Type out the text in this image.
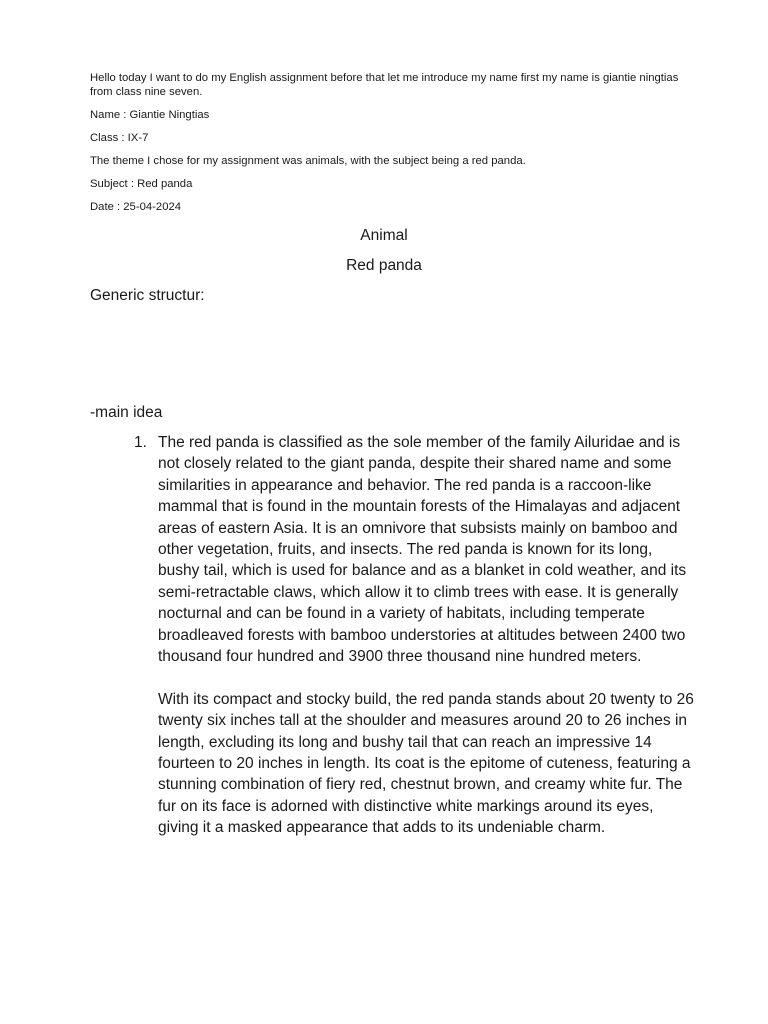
Hello today I want to do my English assignment before that let me introduce my name first my name is giantie ningtias from class nine seven.

Name : Giantie Ningtias

Class : IX-7

The theme I chose for my assignment was animals, with the subject being a red panda.

Subject : Red panda

Date : 25-04-2024

Animal
Red panda
Generic structur:
-main idea
1. The red panda is classified as the sole member of the family Ailuridae and is not closely related to the giant panda, despite their shared name and some similarities in appearance and behavior. The red panda is a raccoon-like mammal that is found in the mountain forests of the Himalayas and adjacent areas of eastern Asia. It is an omnivore that subsists mainly on bamboo and other vegetation, fruits, and insects. The red panda is known for its long, bushy tail, which is used for balance and as a blanket in cold weather, and its semi-retractable claws, which allow it to climb trees with ease. It is generally nocturnal and can be found in a variety of habitats, including temperate broadleaved forests with bamboo understories at altitudes between 2400 two thousand four hundred and 3900 three thousand nine hundred meters.

With its compact and stocky build, the red panda stands about 20 twenty to 26 twenty six inches tall at the shoulder and measures around 20 to 26 inches in length, excluding its long and bushy tail that can reach an impressive 14 fourteen to 20 inches in length. Its coat is the epitome of cuteness, featuring a stunning combination of fiery red, chestnut brown, and creamy white fur. The fur on its face is adorned with distinctive white markings around its eyes, giving it a masked appearance that adds to its undeniable charm.
